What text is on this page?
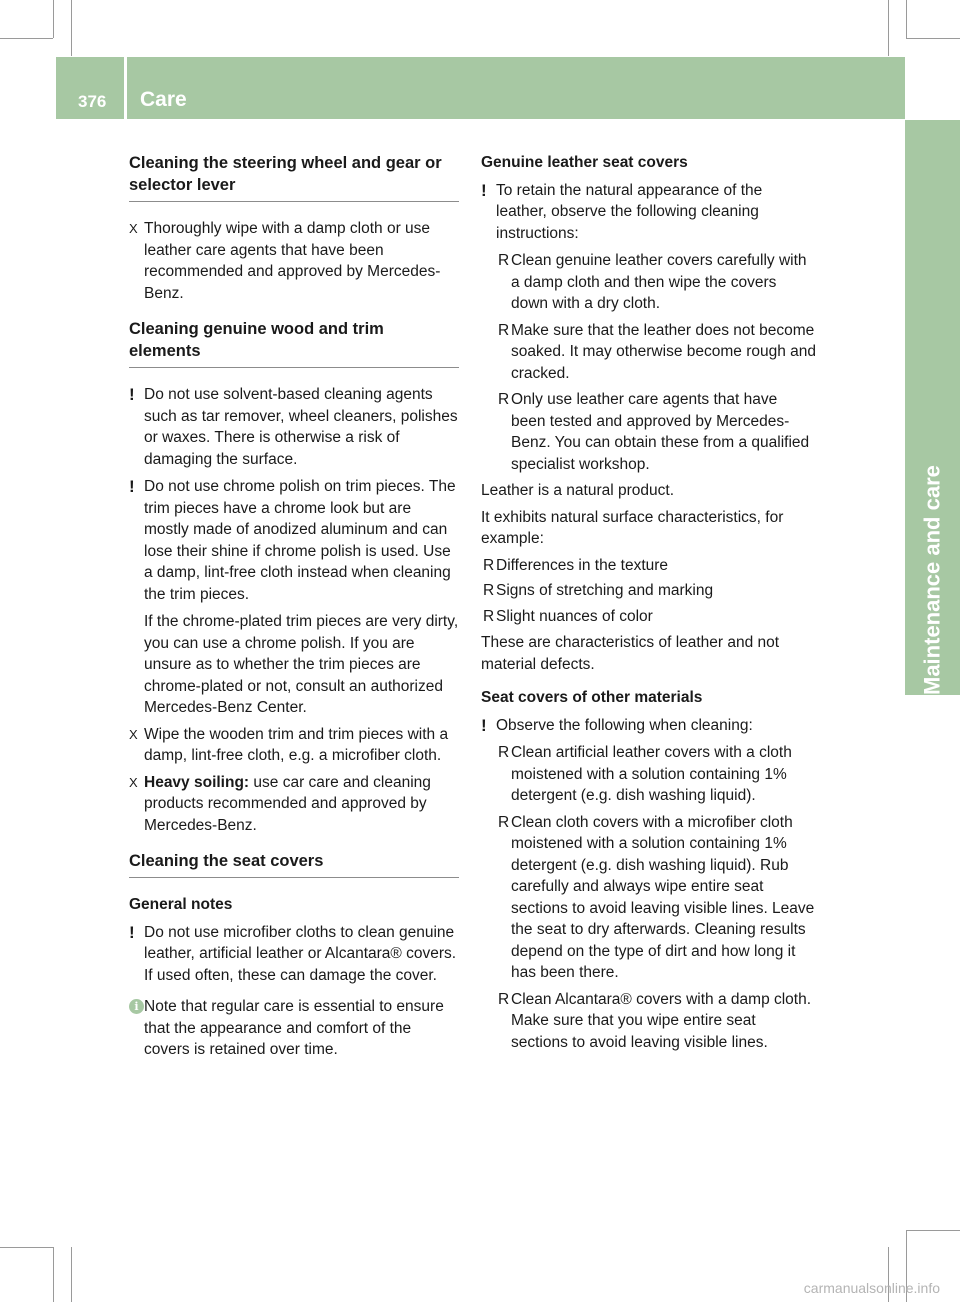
376 Care
Maintenance and care
Cleaning the steering wheel and gear or selector lever
X Thoroughly wipe with a damp cloth or use leather care agents that have been recommended and approved by Mercedes-Benz.
Cleaning genuine wood and trim elements
! Do not use solvent-based cleaning agents such as tar remover, wheel cleaners, polishes or waxes. There is otherwise a risk of damaging the surface.
! Do not use chrome polish on trim pieces. The trim pieces have a chrome look but are mostly made of anodized aluminum and can lose their shine if chrome polish is used. Use a damp, lint-free cloth instead when cleaning the trim pieces.

If the chrome-plated trim pieces are very dirty, you can use a chrome polish. If you are unsure as to whether the trim pieces are chrome-plated or not, consult an authorized Mercedes-Benz Center.

X Wipe the wooden trim and trim pieces with a damp, lint-free cloth, e.g. a microfiber cloth.
X Heavy soiling: use car care and cleaning products recommended and approved by Mercedes-Benz.
Cleaning the seat covers
General notes
! Do not use microfiber cloths to clean genuine leather, artificial leather or Alcantara® covers. If used often, these can damage the cover.
i Note that regular care is essential to ensure that the appearance and comfort of the covers is retained over time.
Genuine leather seat covers
! To retain the natural appearance of the leather, observe the following cleaning instructions:
R Clean genuine leather covers carefully with a damp cloth and then wipe the covers down with a dry cloth.
R Make sure that the leather does not become soaked. It may otherwise become rough and cracked.
R Only use leather care agents that have been tested and approved by Mercedes-Benz. You can obtain these from a qualified specialist workshop.

Leather is a natural product.

It exhibits natural surface characteristics, for example:

R Differences in the texture
R Signs of stretching and marking
R Slight nuances of color

These are characteristics of leather and not material defects.

Seat covers of other materials
! Observe the following when cleaning:
R Clean artificial leather covers with a cloth moistened with a solution containing 1% detergent (e.g. dish washing liquid).
R Clean cloth covers with a microfiber cloth moistened with a solution containing 1% detergent (e.g. dish washing liquid). Rub carefully and always wipe entire seat sections to avoid leaving visible lines. Leave the seat to dry afterwards. Cleaning results depend on the type of dirt and how long it has been there.
R Clean Alcantara® covers with a damp cloth. Make sure that you wipe entire seat sections to avoid leaving visible lines.
carmanualsonline.info
